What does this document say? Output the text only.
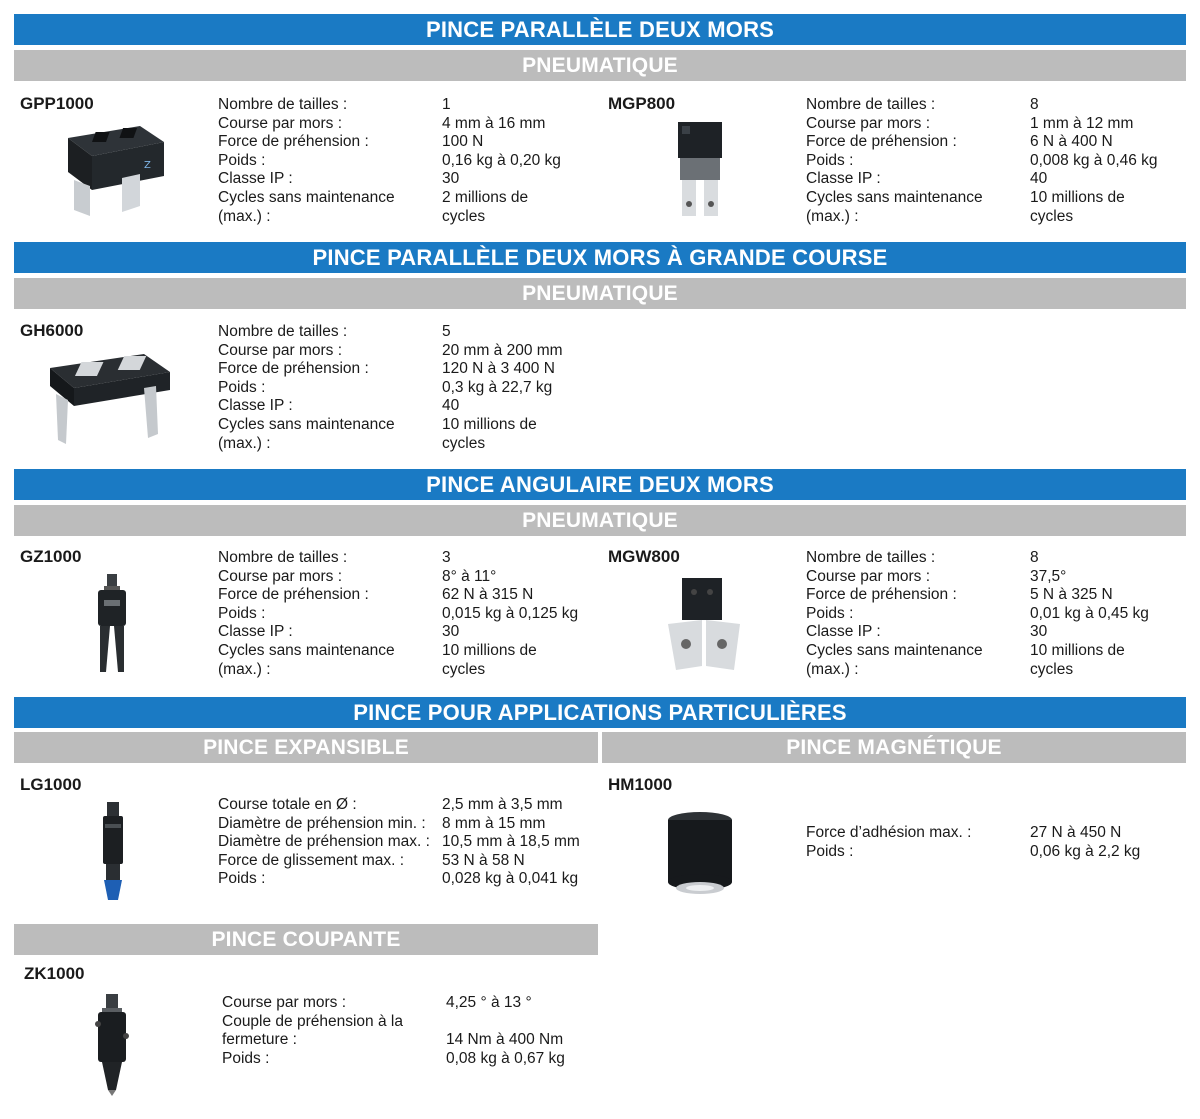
PINCE PARALLÈLE DEUX MORS
PNEUMATIQUE
GPP1000
Z
Nombre de tailles :	1
Course par mors :	4 mm à 16 mm
Force de préhension :	100 N
Poids :	0,16 kg à 0,20 kg
Classe IP :	30
Cycles sans maintenance	2 millions de
(max.) :	cycles
MGP800	Nombre de tailles :	8
Course par mors :	1 mm à 12 mm
Force de préhension :	6 N à 400 N
Poids :	0,008 kg à 0,46 kg
Classe IP :	40
Cycles sans maintenance	10 millions de
(max.) :	cycles
PINCE PARALLÈLE DEUX MORS À GRANDE COURSE
PNEUMATIQUE
GH6000	Nombre de tailles :	5
Course par mors :	20 mm à 200 mm
Force de préhension :	120 N à 3 400 N
Poids :	0,3 kg à 22,7 kg
Classe IP :	40
Cycles sans maintenance	10 millions de
(max.) :	cycles
PINCE ANGULAIRE DEUX MORS
PNEUMATIQUE
GZ1000	Nombre de tailles :	3
Course par mors :	8° à 11°
Force de préhension :	62 N à 315 N
Poids :	0,015 kg à 0,125 kg
Classe IP :	30
Cycles sans maintenance	10 millions de
(max.) :	cycles
MGW800	Nombre de tailles :	8
Course par mors :	37,5°
Force de préhension :	5 N à 325 N
Poids :	0,01 kg à 0,45 kg
Classe IP :	30
Cycles sans maintenance	10 millions de
(max.) :	cycles
PINCE POUR APPLICATIONS PARTICULIÈRES
PINCE EXPANSIBLE	PINCE MAGNÉTIQUE
LG1000
Course totale en Ø :	2,5 mm à 3,5 mm
Diamètre de préhension min. :	8 mm à 15 mm
Diamètre de préhension max. : 10,5 mm à 18,5 mm
Force de glissement max. :	53 N à 58 N
Poids :	0,028 kg à 0,041 kg
HM1000
Force d’adhésion max. :	27 N à 450 N
Poids :	0,06 kg à 2,2 kg
PINCE COUPANTE
ZK1000
Course par mors :	4,25 ° à 13 °
Couple de préhension à la
fermeture :	14 Nm à 400 Nm
Poids :	0,08 kg à 0,67 kg
